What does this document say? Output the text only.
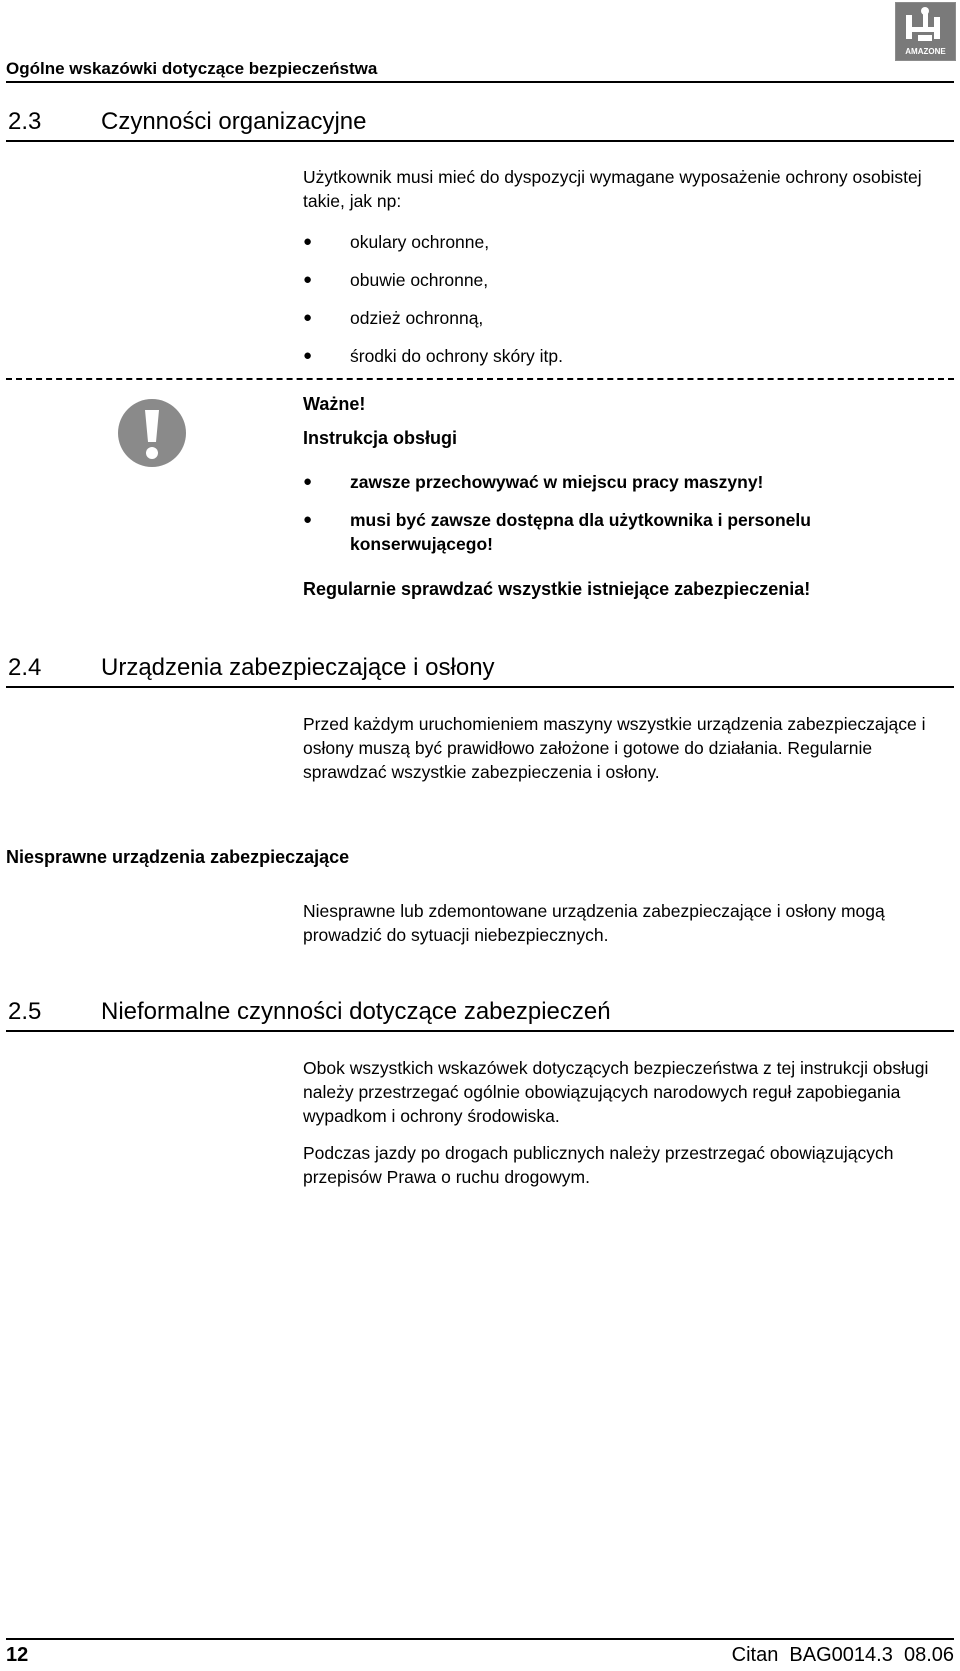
AMAZONE
Ogólne wskazówki dotyczące bezpieczeństwa
2.3 Czynności organizacyjne
Użytkownik musi mieć do dyspozycji wymagane wyposażenie ochrony osobistej takie, jak np:
● okulary ochronne,
● obuwie ochronne,
● odzież ochronną,
● środki do ochrony skóry itp.
Ważne!
Instrukcja obsługi
● zawsze przechowywać w miejscu pracy maszyny!
● musi być zawsze dostępna dla użytkownika i personelu konserwującego!
Regularnie sprawdzać wszystkie istniejące zabezpieczenia!
2.4 Urządzenia zabezpieczające i osłony
Przed każdym uruchomieniem maszyny wszystkie urządzenia zabezpieczające i osłony muszą być prawidłowo założone i gotowe do działania. Regularnie sprawdzać wszystkie zabezpieczenia i osłony.
Niesprawne urządzenia zabezpieczające
Niesprawne lub zdemontowane urządzenia zabezpieczające i osłony mogą prowadzić do sytuacji niebezpiecznych.
2.5 Nieformalne czynności dotyczące zabezpieczeń
Obok wszystkich wskazówek dotyczących bezpieczeństwa z tej instrukcji obsługi należy przestrzegać ogólnie obowiązujących narodowych reguł zapobiegania wypadkom i ochrony środowiska.
Podczas jazdy po drogach publicznych należy przestrzegać obowiązujących przepisów Prawa o ruchu drogowym.
12	Citan  BAG0014.3  08.06
